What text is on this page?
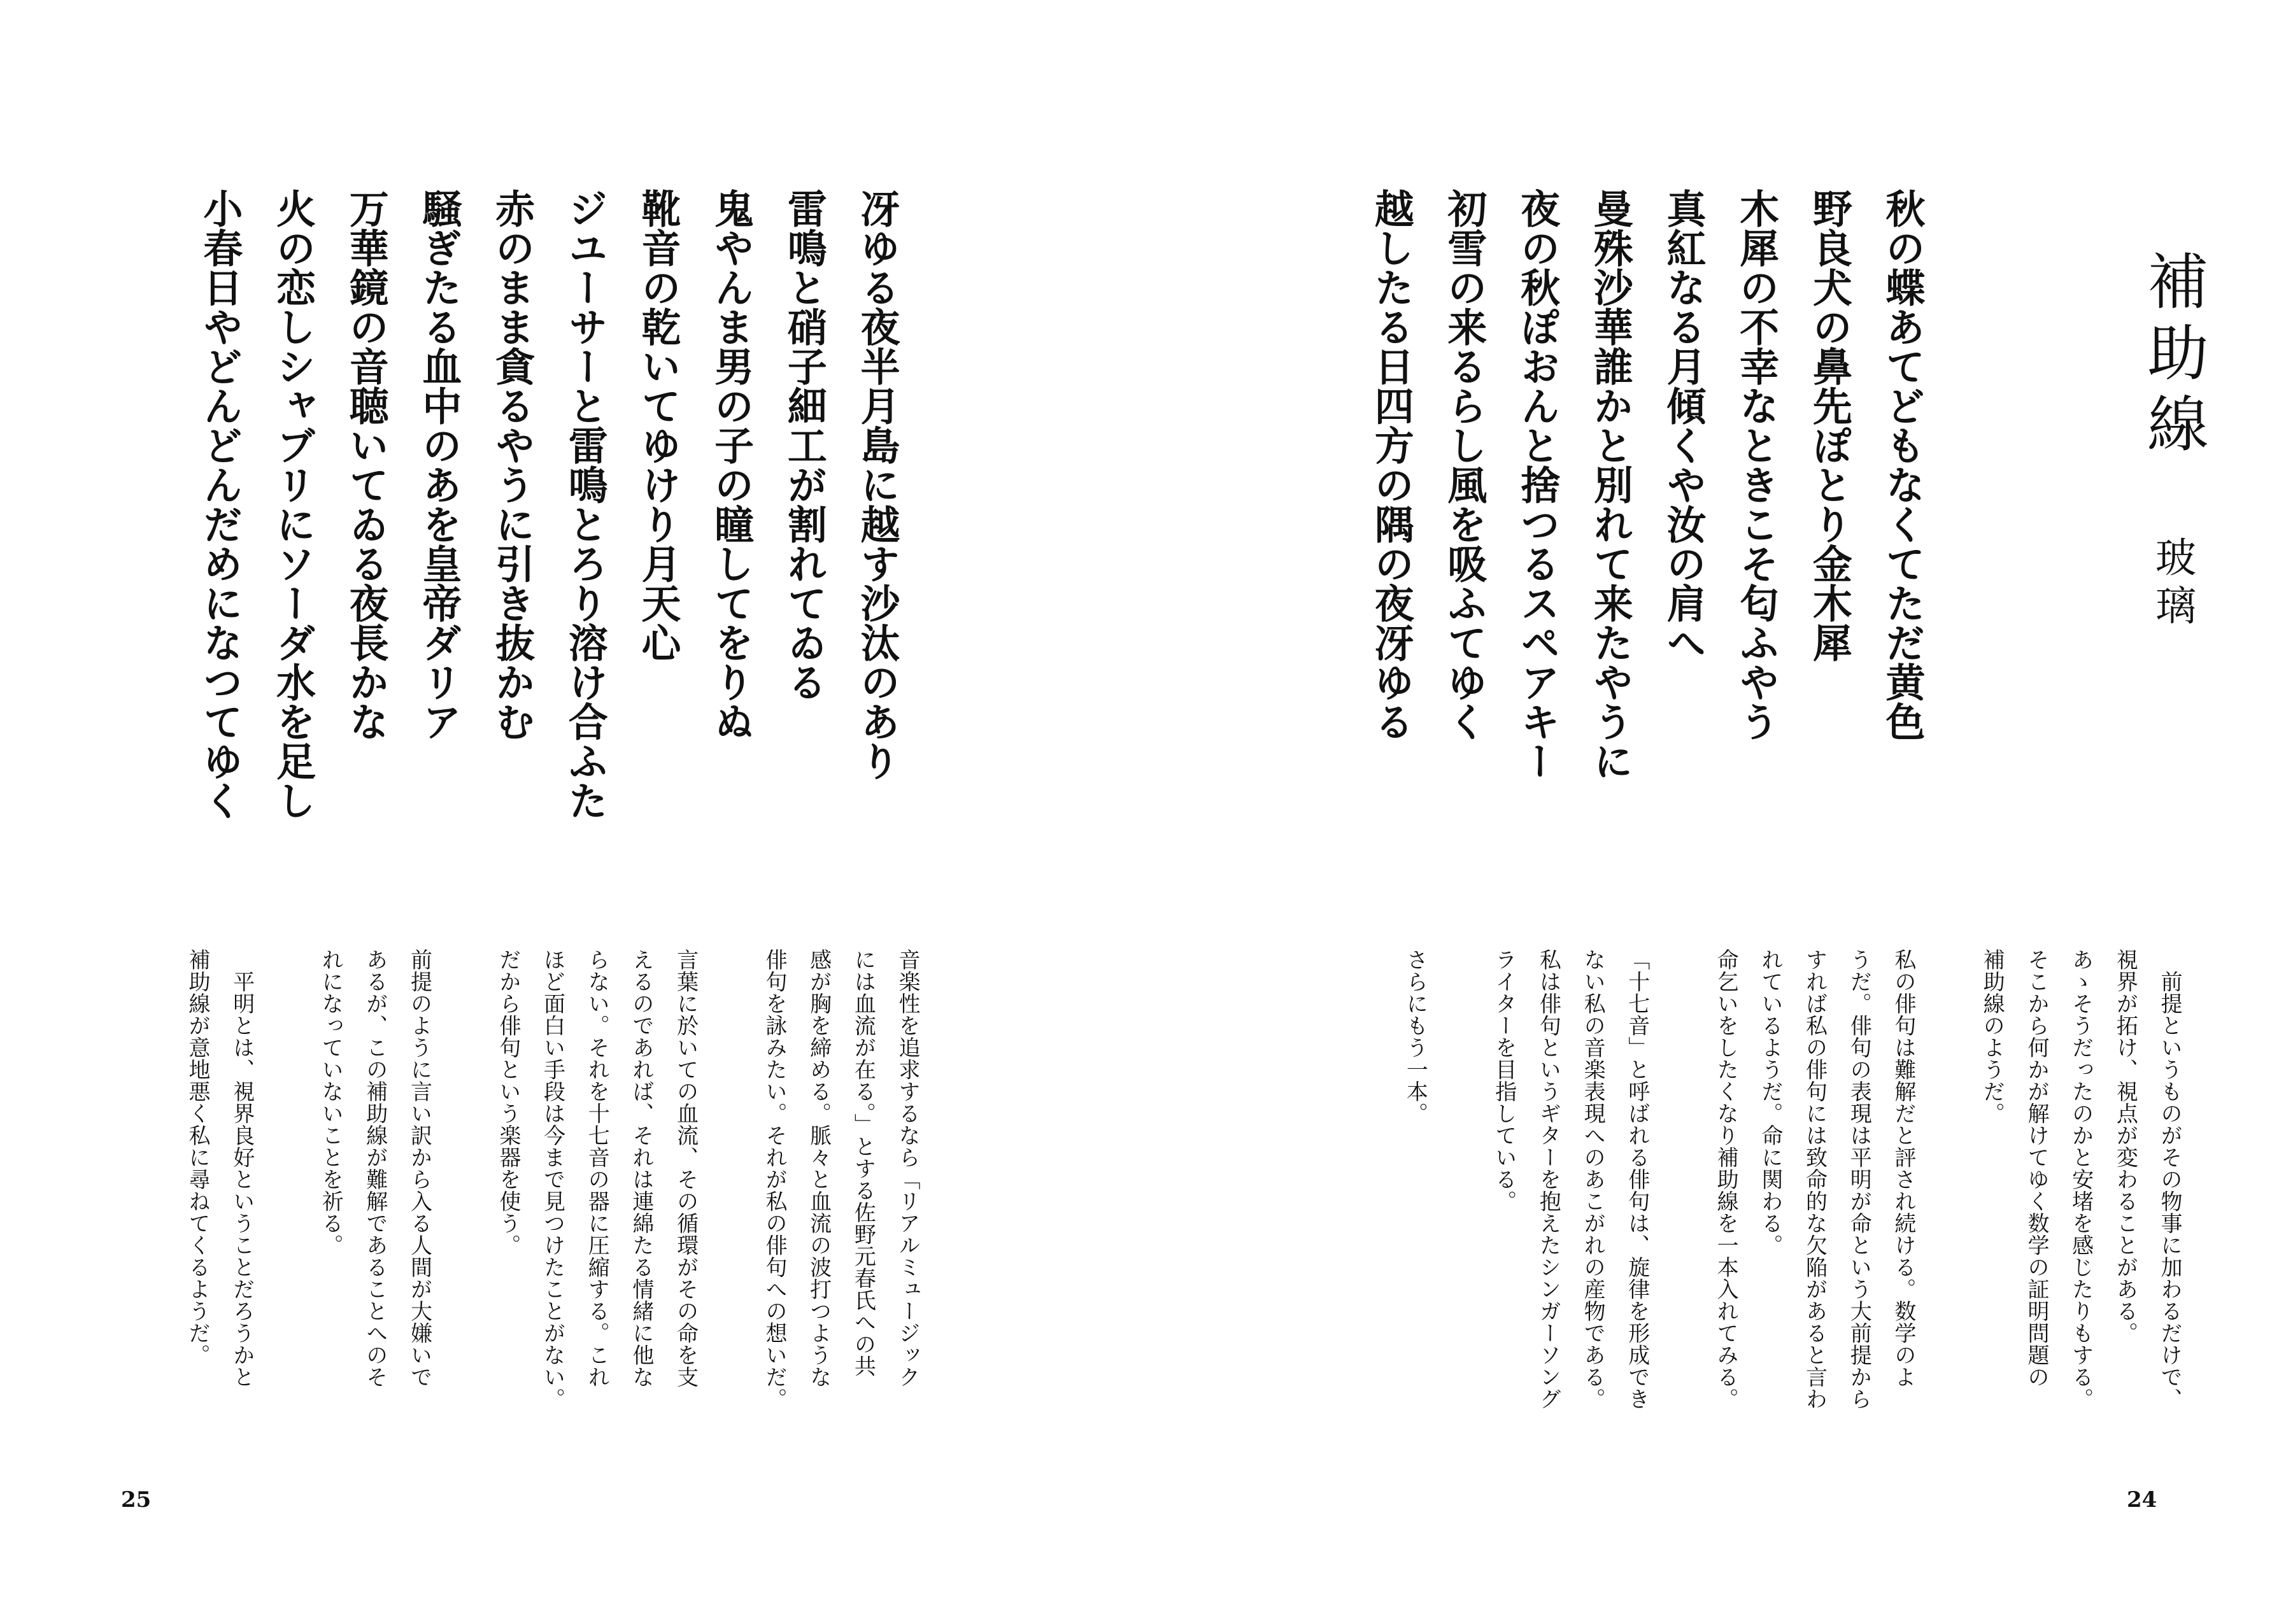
補助線
玻璃
秋の蝶あてどもなくてただ黄色
野良犬の鼻先ぽとり金木犀
木犀の不幸なときこそ匂ふやう
真紅なる月傾くや汝の肩へ
曼殊沙華誰かと別れて来たやうに
夜の秋ぽおんと捨つるスペアキー
初雪の来るらし風を吸ふてゆく
越したる日四方の隅の夜冴ゆる

　前提というものがその物事に加わるだけで、

視界が拓け、視点が変わることがある。

あゝそうだったのかと安堵を感じたりもする。

そこから何かが解けてゆく数学の証明問題の

補助線のようだ。

私の俳句は難解だと評され続ける。数学のよ

うだ。俳句の表現は平明が命という大前提から

すれば私の俳句には致命的な欠陥があると言わ

れているようだ。命に関わる。

命乞いをしたくなり補助線を一本入れてみる。

「十七音」と呼ばれる俳句は、旋律を形成でき

ない私の音楽表現へのあこがれの産物である。

私は俳句というギターを抱えたシンガーソング

ライターを目指している。

さらにもう一本。

24
冴ゆる夜半月島に越す沙汰のあり
雷鳴と硝子細工が割れてゐる
鬼やんま男の子の瞳してをりぬ
靴音の乾いてゆけり月天心
ジユーサーと雷鳴とろり溶け合ふた
赤のまま貪るやうに引き抜かむ
騒ぎたる血中のあを皇帝ダリア
万華鏡の音聴いてゐる夜長かな
火の恋しシャブリにソーダ水を足し
小春日やどんどんだめになつてゆく

音楽性を追求するなら「リアルミュージック

には血流が在る。」とする佐野元春氏への共

感が胸を締める。脈々と血流の波打つような

俳句を詠みたい。それが私の俳句への想いだ。

言葉に於いての血流、その循環がその命を支

えるのであれば、それは連綿たる情緒に他な

らない。それを十七音の器に圧縮する。これ

ほど面白い手段は今まで見つけたことがない。

だから俳句という楽器を使う。

前提のように言い訳から入る人間が大嫌いで

あるが、この補助線が難解であることへのそ

れになっていないことを祈る。

　平明とは、視界良好ということだろうかと

補助線が意地悪く私に尋ねてくるようだ。

25
